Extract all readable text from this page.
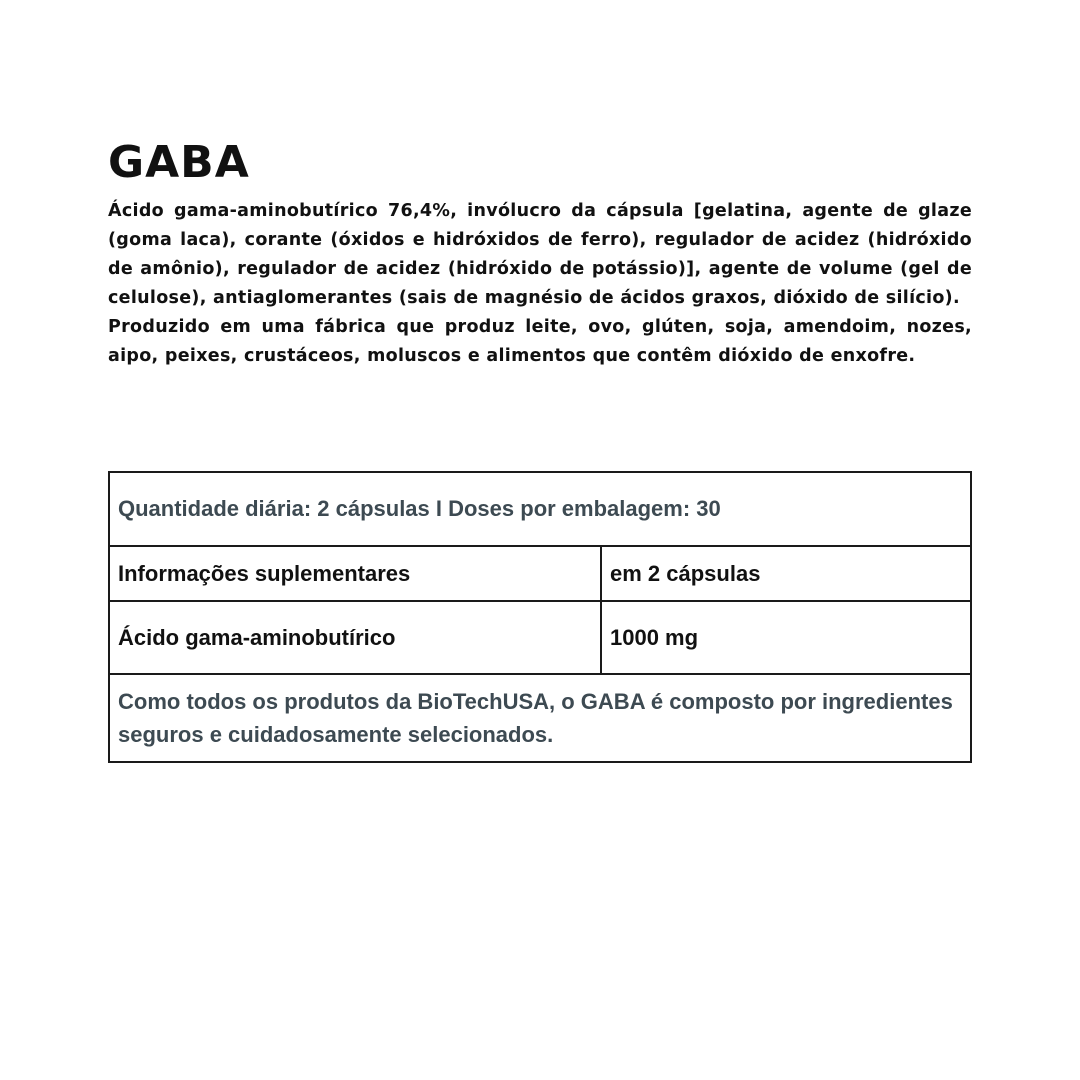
GABA

Ácido gama-aminobutírico 76,4%, invólucro da cápsula [gelatina, agente de glaze (goma laca), corante (óxidos e hidróxidos de ferro), regulador de acidez (hidróxido de amônio), regulador de acidez (hidróxido de potássio)], agente de volume (gel de celulose), antiaglomerantes (sais de magnésio de ácidos graxos, dióxido de silício).

Produzido em uma fábrica que produz leite, ovo, glúten, soja, amendoim, nozes, aipo, peixes, crustáceos, moluscos e alimentos que contêm dióxido de enxofre.

Quantidade diária: 2 cápsulas I Doses por embalagem: 30	
Informações suplementares	em 2 cápsulas
Ácido gama-aminobutírico	1000 mg
Como todos os produtos da BioTechUSA, o GABA é composto por ingredientes seguros e cuidadosamente selecionados.	
